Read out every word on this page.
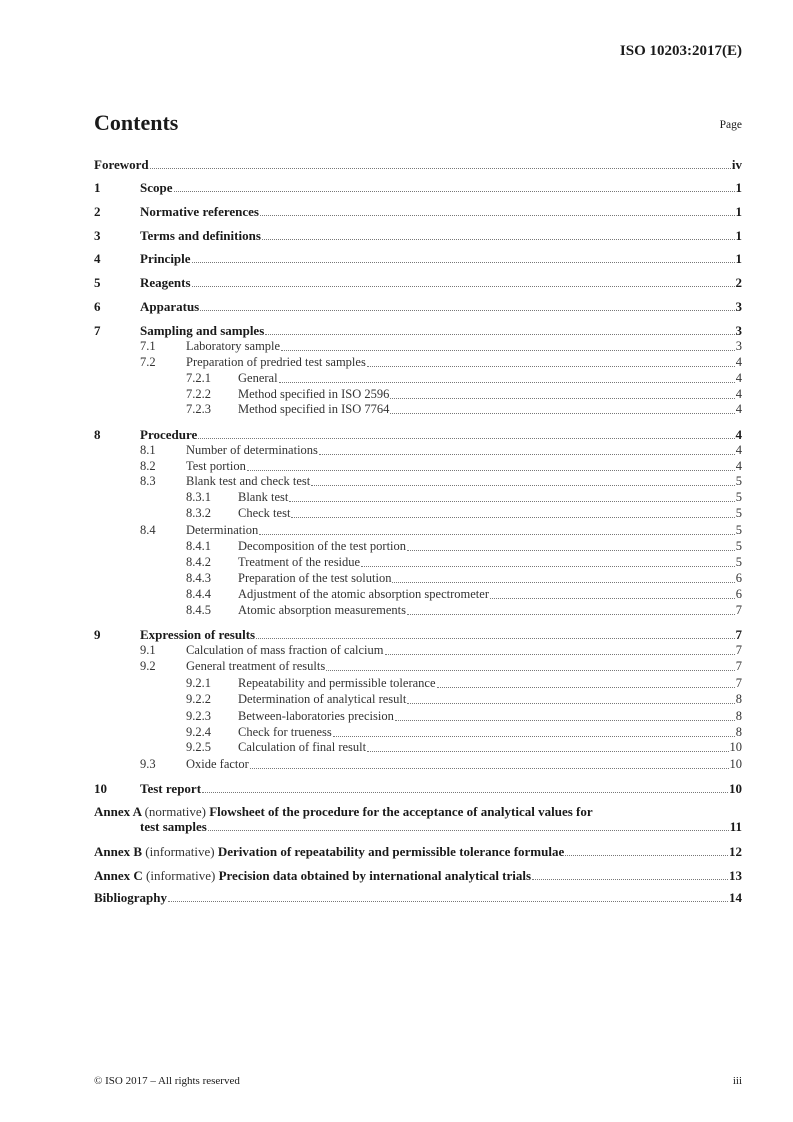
ISO 10203:2017(E)
Contents	Page
Foreword	iv
1	Scope	1
2	Normative references	1
3	Terms and definitions	1
4	Principle	1
5	Reagents	2
6	Apparatus	3
7	Sampling and samples	3
7.1	Laboratory sample	3
7.2	Preparation of predried test samples	4
7.2.1	General	4
7.2.2	Method specified in ISO 2596	4
7.2.3	Method specified in ISO 7764	4
8	Procedure	4
8.1	Number of determinations	4
8.2	Test portion	4
8.3	Blank test and check test	5
8.3.1	Blank test	5
8.3.2	Check test	5
8.4	Determination	5
8.4.1	Decomposition of the test portion	5
8.4.2	Treatment of the residue	5
8.4.3	Preparation of the test solution	6
8.4.4	Adjustment of the atomic absorption spectrometer	6
8.4.5	Atomic absorption measurements	7
9	Expression of results	7
9.1	Calculation of mass fraction of calcium	7
9.2	General treatment of results	7
9.2.1	Repeatability and permissible tolerance	7
9.2.2	Determination of analytical result	8
9.2.3	Between-laboratories precision	8
9.2.4	Check for trueness	8
9.2.5	Calculation of final result	10
9.3	Oxide factor	10
10	Test report	10
Annex A (normative) Flowsheet of the procedure for the acceptance of analytical values for
test samples	11
Annex B (informative) Derivation of repeatability and permissible tolerance formulae	12
Annex C (informative) Precision data obtained by international analytical trials	13
Bibliography	14
© ISO 2017 – All rights reserved	iii
